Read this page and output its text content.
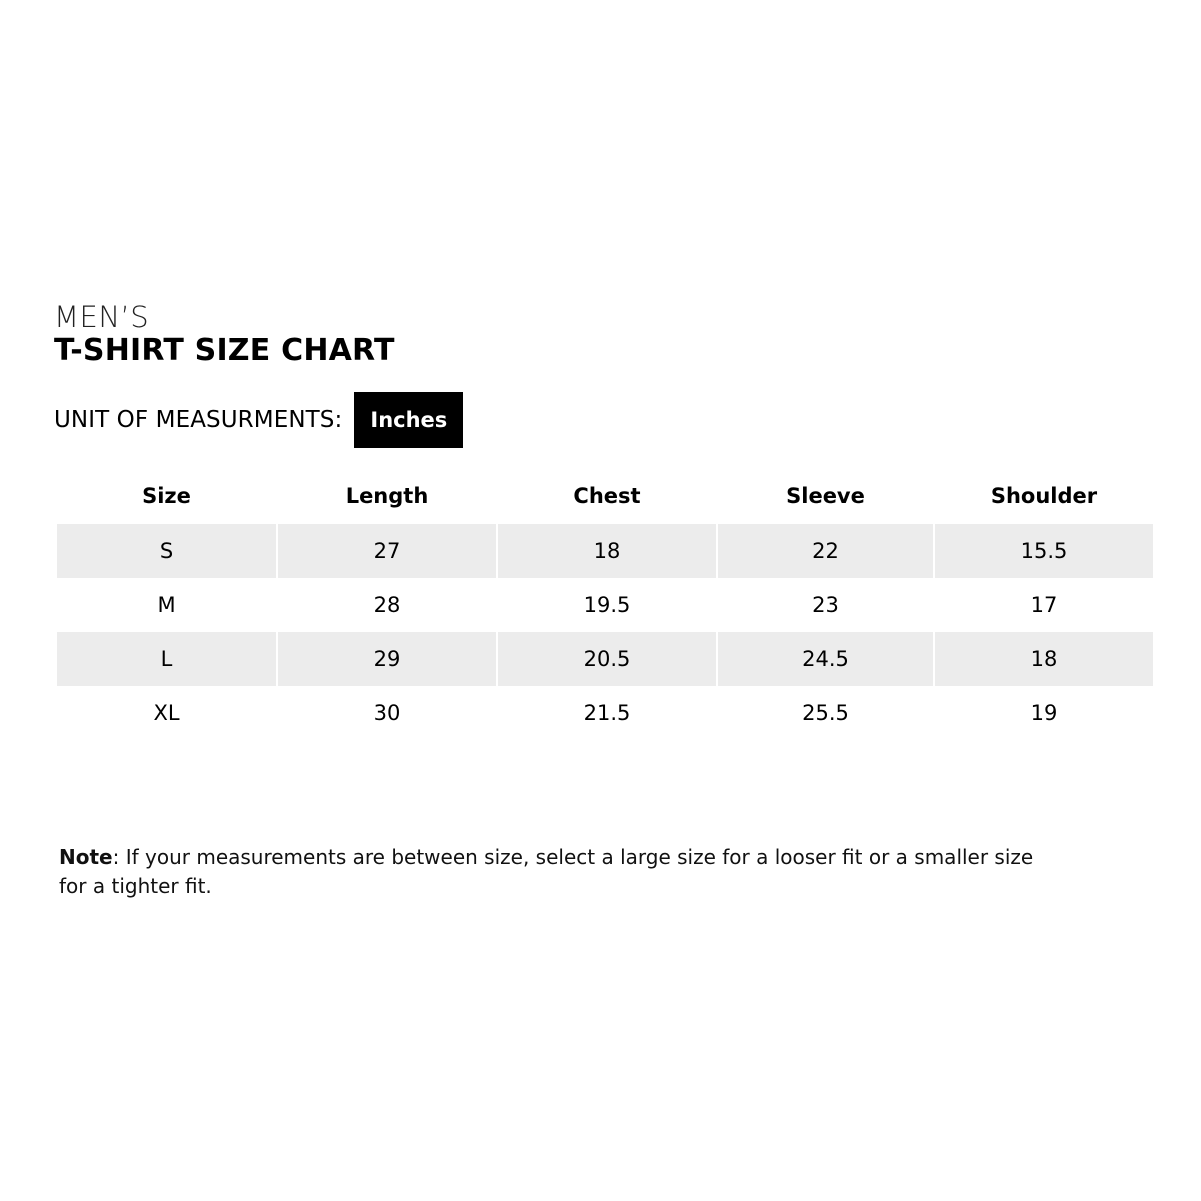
MEN’S
T-SHIRT SIZE CHART
UNIT OF MEASURMENTS:	Inches
Size	Length	Chest	Sleeve	Shoulder
S	27	18	22	15.5
M	28	19.5	23	17
L	29	20.5	24.5	18
XL	30	21.5	25.5	19
Note: If your measurements are between size, select a large size for a looser fit or a smaller size for a tighter fit.
